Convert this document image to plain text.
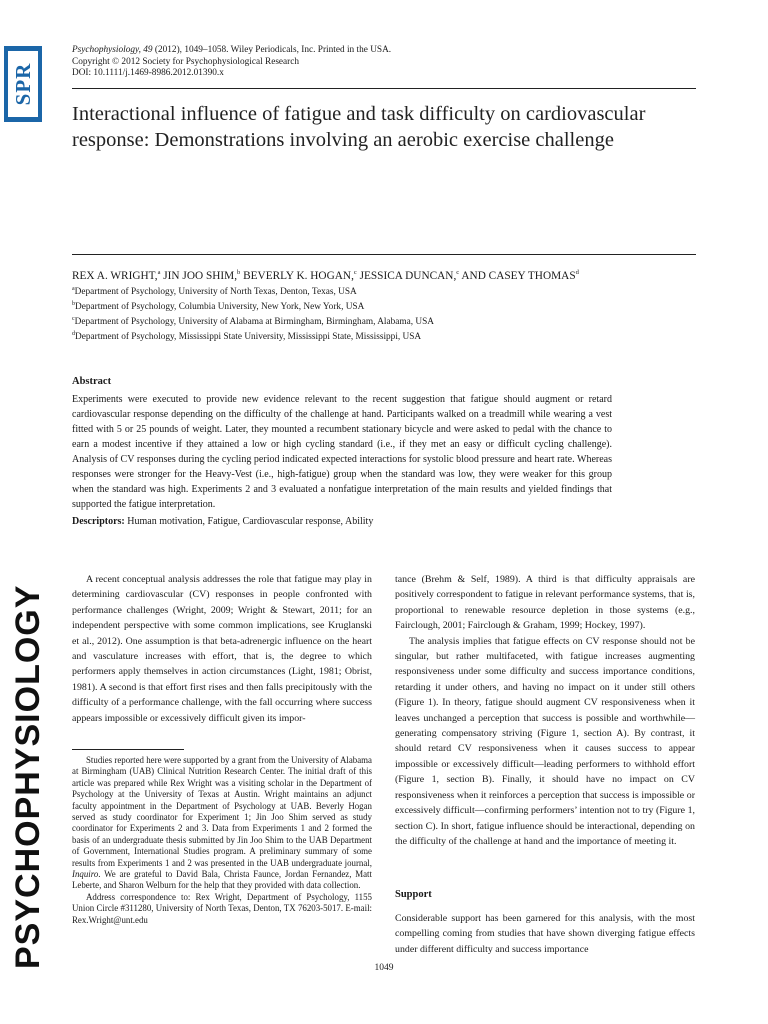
SPR
PSYCHOPHYSIOLOGY
Psychophysiology, 49 (2012), 1049–1058. Wiley Periodicals, Inc. Printed in the USA.
Copyright © 2012 Society for Psychophysiological Research
DOI: 10.1111/j.1469-8986.2012.01390.x
Interactional influence of fatigue and task difficulty on cardiovascular response: Demonstrations involving an aerobic exercise challenge
REX A. WRIGHT,$^a$ JIN JOO SHIM,$^b$ BEVERLY K. HOGAN,$^c$ JESSICA DUNCAN,$^c$ AND CASEY THOMAS$^d$
$^a$Department of Psychology, University of North Texas, Denton, Texas, USA
$^b$Department of Psychology, Columbia University, New York, New York, USA
$^c$Department of Psychology, University of Alabama at Birmingham, Birmingham, Alabama, USA
$^d$Department of Psychology, Mississippi State University, Mississippi State, Mississippi, USA
Abstract
Experiments were executed to provide new evidence relevant to the recent suggestion that fatigue should augment or retard cardiovascular response depending on the difficulty of the challenge at hand. Participants walked on a treadmill while wearing a vest fitted with 5 or 25 pounds of weight. Later, they mounted a recumbent stationary bicycle and were asked to pedal with the chance to earn a modest incentive if they attained a low or high cycling standard (i.e., if they met an easy or difficult cycling challenge). Analysis of CV responses during the cycling period indicated expected interactions for systolic blood pressure and heart rate. Whereas responses were stronger for the Heavy-Vest (i.e., high-fatigue) group when the standard was low, they were weaker for this group when the standard was high. Experiments 2 and 3 evaluated a nonfatigue interpretation of the main results and yielded findings that supported the fatigue interpretation.
Descriptors: Human motivation, Fatigue, Cardiovascular response, Ability

A recent conceptual analysis addresses the role that fatigue may play in determining cardiovascular (CV) responses in people confronted with performance challenges (Wright, 2009; Wright & Stewart, 2011; for an independent perspective with some common implications, see Kruglanski et al., 2012). One assumption is that beta-adrenergic influence on the heart and vasculature increases with effort, that is, the degree to which performers apply themselves in action circumstances (Light, 1981; Obrist, 1981). A second is that effort first rises and then falls precipitously with the difficulty of a performance challenge, with the fall occurring where success appears impossible or excessively difficult given its impor-

Studies reported here were supported by a grant from the University of Alabama at Birmingham (UAB) Clinical Nutrition Research Center. The initial draft of this article was prepared while Rex Wright was a visiting scholar in the Department of Psychology at the University of Texas at Austin. Wright maintains an adjunct faculty appointment in the Department of Psychology at UAB. Beverly Hogan served as study coordinator for Experiment 1; Jin Joo Shim served as study coordinator for Experiments 2 and 3. Data from Experiments 1 and 2 formed the basis of an undergraduate thesis submitted by Jin Joo Shim to the UAB Department of Government, International Studies program. A preliminary summary of some results from Experiments 1 and 2 was presented in the UAB undergraduate journal, Inquiro. We are grateful to David Bala, Christa Faunce, Jordan Fernandez, Matt Leberte, and Sharon Welburn for the help that they provided with data collection.

Address correspondence to: Rex Wright, Department of Psychology, 1155 Union Circle #311280, University of North Texas, Denton, TX 76203-5017. E-mail: Rex.Wright@unt.edu

tance (Brehm & Self, 1989). A third is that difficulty appraisals are positively correspondent to fatigue in relevant performance systems, that is, proportional to renewable resource depletion in those systems (e.g., Fairclough, 2001; Fairclough & Graham, 1999; Hockey, 1997).

The analysis implies that fatigue effects on CV response should not be singular, but rather multifaceted, with fatigue increases augmenting responsiveness under some difficulty and success importance conditions, retarding it under others, and having no impact on it under still others (Figure 1). In theory, fatigue should augment CV responsiveness when it leaves unchanged a perception that success is possible and worthwhile—generating compensatory striving (Figure 1, section A). By contrast, it should retard CV responsiveness when it causes success to appear impossible or excessively difficult—leading performers to withhold effort (Figure 1, section B). Finally, it should have no impact on CV responsiveness when it reinforces a perception that success is impossible or excessively difficult—confirming performers’ intention not to try (Figure 1, section C). In short, fatigue influence should be interactional, depending on the difficulty of the challenge at hand and the importance of meeting it.

Support
Considerable support has been garnered for this analysis, with the most compelling coming from studies that have shown diverging fatigue effects under different difficulty and success importance
1049
